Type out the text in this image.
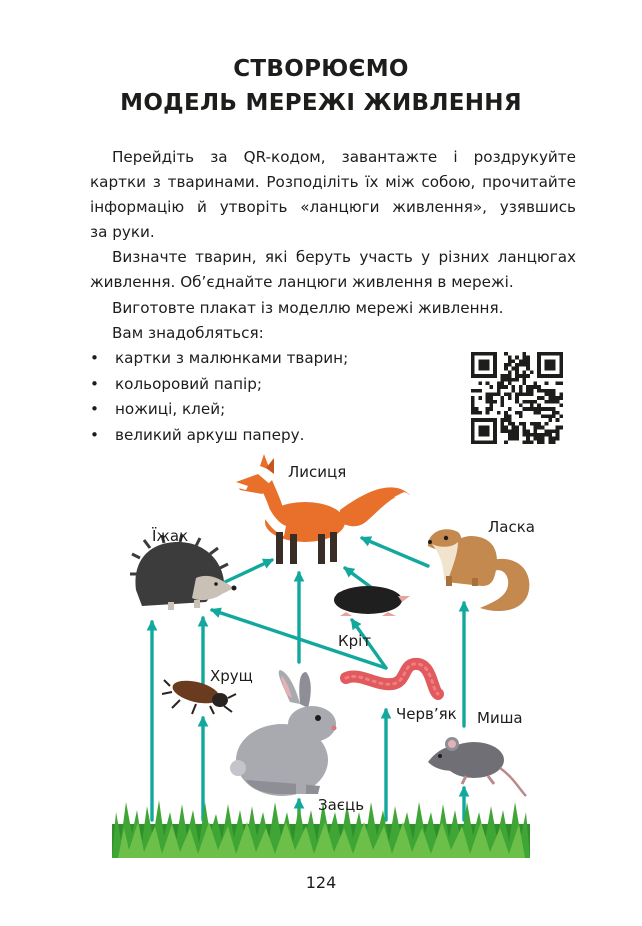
СТВОРЮЄМО
МОДЕЛЬ МЕРЕЖІ ЖИВЛЕННЯ

Перейдіть за QR-кодом, завантажте і роздрукуйте
картки з тваринами. Розподіліть їх між собою, прочитайте
інформацію й утворіть «ланцюги живлення», узявшись
за руки.

Визначте тварин, які беруть участь у різних ланцюгах
живлення. Об’єднайте ланцюги живлення в мережі.

Виготовте плакат із моделлю мережі живлення.

Вам знадобляться:

• картки з малюнками тварин;
• кольоровий папір;
• ножиці, клей;
• великий аркуш паперу.
Лисиця
Їжак	Ласка
Кріт
Хрущ
Черв’як
Заєць
Миша
124
